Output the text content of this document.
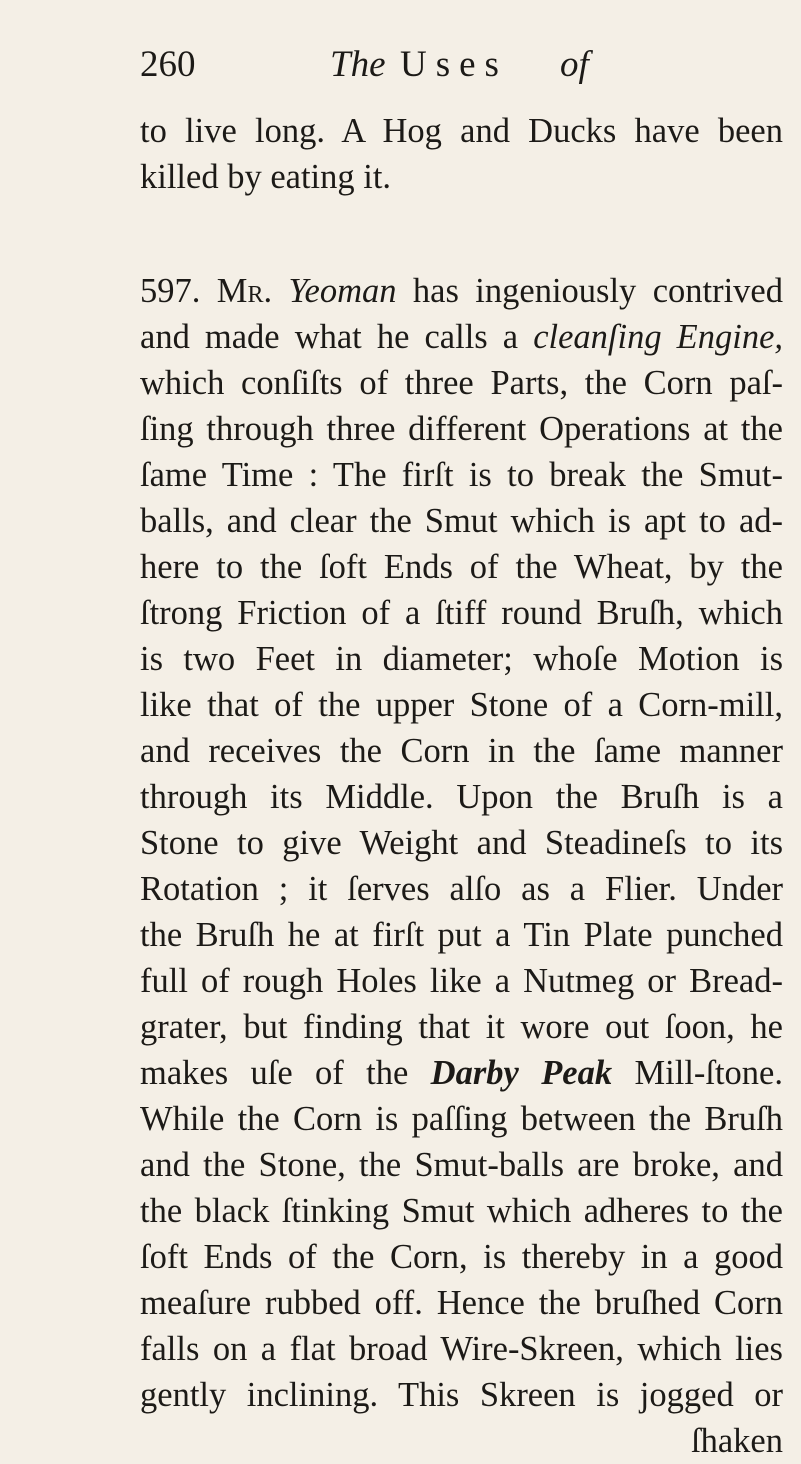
260	The Uses of
to live long. A Hog and Ducks have been
killed by eating it.
597. Mr. Yeoman has ingeniously contrived
and made what he calls a cleanſing Engine,
which conſiſts of three Parts, the Corn paſ-
ſing through three different Operations at the
ſame Time : The firſt is to break the Smut-
balls, and clear the Smut which is apt to ad-
here to the ſoft Ends of the Wheat, by the
ſtrong Friction of a ſtiff round Bruſh, which
is two Feet in diameter; whoſe Motion is
like that of the upper Stone of a Corn-mill,
and receives the Corn in the ſame manner
through its Middle. Upon the Bruſh is a
Stone to give Weight and Steadineſs to its
Rotation ; it ſerves alſo as a Flier. Under
the Bruſh he at firſt put a Tin Plate punched
full of rough Holes like a Nutmeg or Bread-
grater, but finding that it wore out ſoon, he
makes uſe of the Darby Peak Mill-ſtone.
While the Corn is paſſing between the Bruſh
and the Stone, the Smut-balls are broke, and
the black ſtinking Smut which adheres to the
ſoft Ends of the Corn, is thereby in a good
meaſure rubbed off. Hence the bruſhed Corn
falls on a flat broad Wire-Skreen, which lies
gently inclining. This Skreen is jogged or
ſhaken
